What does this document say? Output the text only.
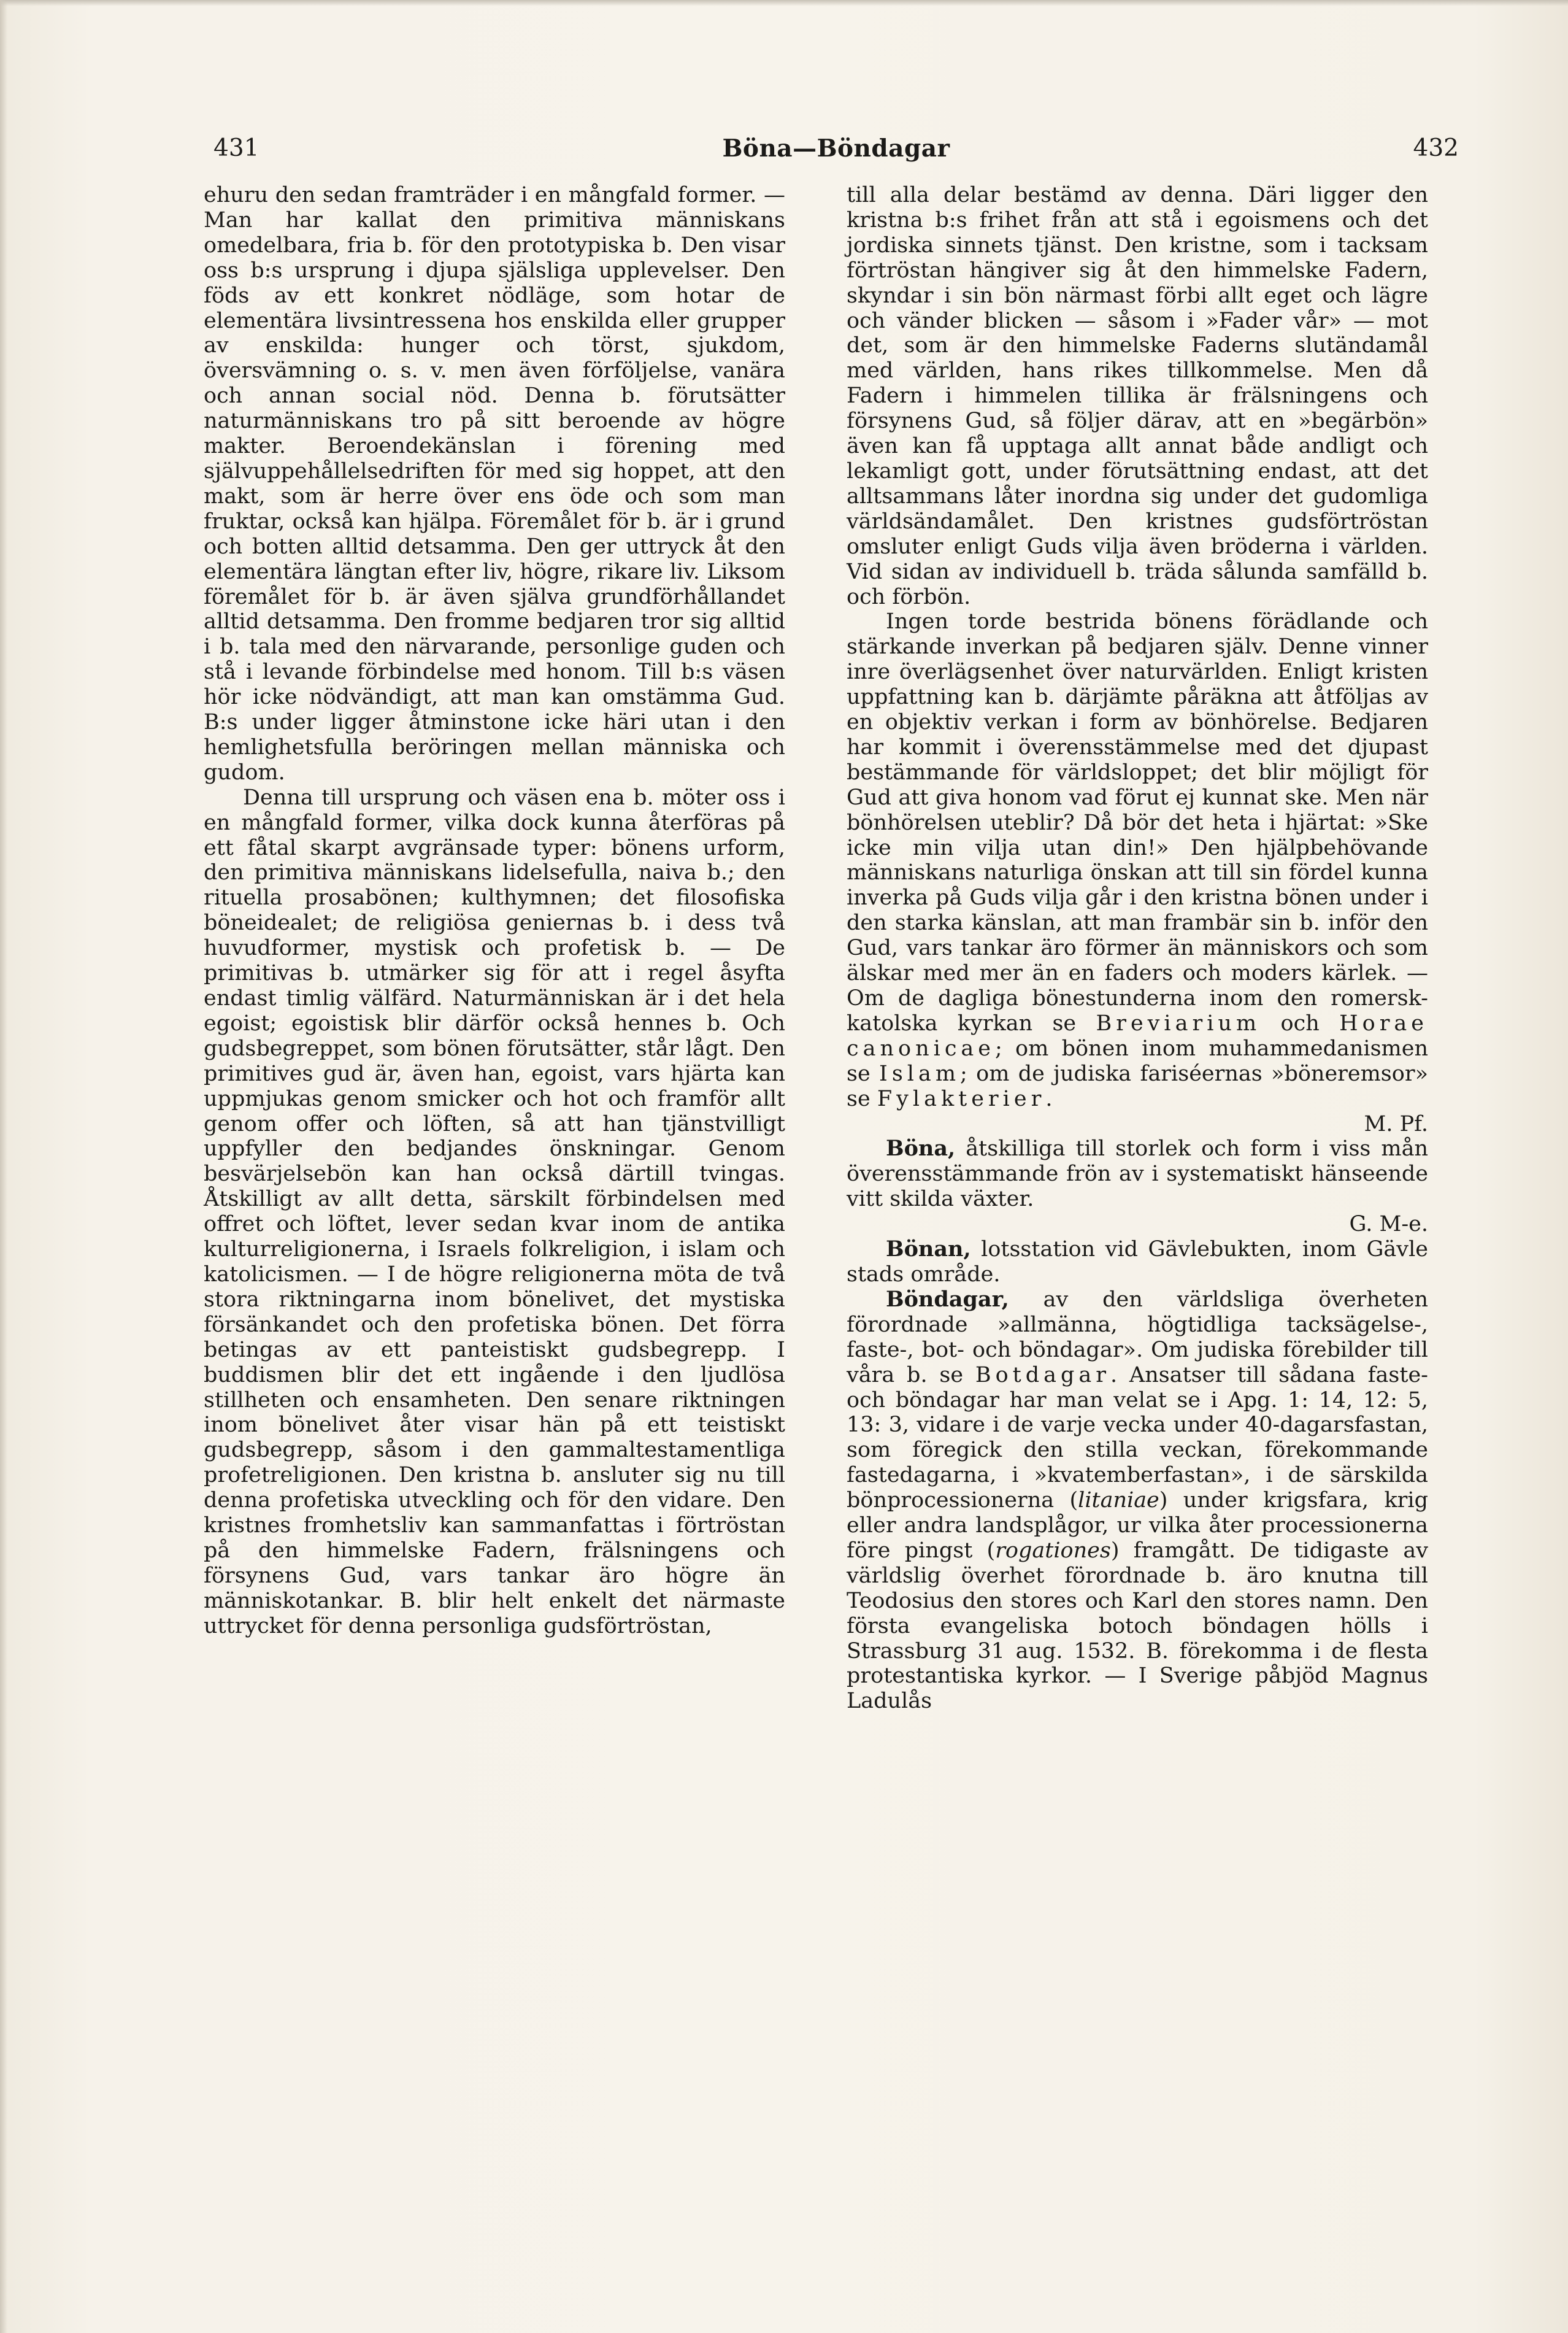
431	Böna—Böndagar	432

ehuru den sedan framträder i en mångfald former. — Man har kallat den primitiva människans omedelbara, fria b. för den prototypiska b. Den visar oss b:s ursprung i djupa själsliga upplevelser. Den föds av ett konkret nödläge, som hotar de elementära livsintressena hos enskilda eller grupper av enskilda: hunger och törst, sjukdom, översvämning o. s. v. men även förföljelse, vanära och annan social nöd. Denna b. förutsätter naturmänniskans tro på sitt beroende av högre makter. Beroendekänslan i förening med självuppehållelsedriften för med sig hoppet, att den makt, som är herre över ens öde och som man fruktar, också kan hjälpa. Föremålet för b. är i grund och botten alltid detsamma. Den ger uttryck åt den elementära längtan efter liv, högre, rikare liv. Liksom föremålet för b. är även själva grundförhållandet alltid detsamma. Den fromme bedjaren tror sig alltid i b. tala med den närvarande, personlige guden och stå i levande förbindelse med honom. Till b:s väsen hör icke nödvändigt, att man kan omstämma Gud. B:s under ligger åtminstone icke häri utan i den hemlighetsfulla beröringen mellan människa och gudom.

Denna till ursprung och väsen ena b. möter oss i en mångfald former, vilka dock kunna återföras på ett fåtal skarpt avgränsade typer: bönens urform, den primitiva människans lidelsefulla, naiva b.; den rituella prosabönen; kulthymnen; det filosofiska böneidealet; de religiösa geniernas b. i dess två huvudformer, mystisk och profetisk b. — De primitivas b. utmärker sig för att i regel åsyfta endast timlig välfärd. Naturmänniskan är i det hela egoist; egoistisk blir därför också hennes b. Och gudsbegreppet, som bönen förutsätter, står lågt. Den primitives gud är, även han, egoist, vars hjärta kan uppmjukas genom smicker och hot och framför allt genom offer och löften, så att han tjänstvilligt uppfyller den bedjandes önskningar. Genom besvärjelsebön kan han också därtill tvingas. Åtskilligt av allt detta, särskilt förbindelsen med offret och löftet, lever sedan kvar inom de antika kulturreligionerna, i Israels folkreligion, i islam och katolicismen. — I de högre religionerna möta de två stora riktningarna inom bönelivet, det mystiska försänkandet och den profetiska bönen. Det förra betingas av ett panteistiskt gudsbegrepp. I buddismen blir det ett ingående i den ljudlösa stillheten och ensamheten. Den senare riktningen inom bönelivet åter visar hän på ett teistiskt gudsbegrepp, såsom i den gammaltestamentliga profetreligionen. Den kristna b. ansluter sig nu till denna profetiska utveckling och för den vidare. Den kristnes fromhetsliv kan sammanfattas i förtröstan på den himmelske Fadern, frälsningens och försynens Gud, vars tankar äro högre än människotankar. B. blir helt enkelt det närmaste uttrycket för denna personliga gudsförtröstan,

till alla delar bestämd av denna. Däri ligger den kristna b:s frihet från att stå i egoismens och det jordiska sinnets tjänst. Den kristne, som i tacksam förtröstan hängiver sig åt den himmelske Fadern, skyndar i sin bön närmast förbi allt eget och lägre och vänder blicken — såsom i »Fader vår» — mot det, som är den himmelske Faderns slutändamål med världen, hans rikes tillkommelse. Men då Fadern i himmelen tillika är frälsningens och försynens Gud, så följer därav, att en »begärbön» även kan få upptaga allt annat både andligt och lekamligt gott, under förutsättning endast, att det alltsammans låter inordna sig under det gudomliga världsändamålet. Den kristnes gudsförtröstan omsluter enligt Guds vilja även bröderna i världen. Vid sidan av individuell b. träda sålunda samfälld b. och förbön.

Ingen torde bestrida bönens förädlande och stärkande inverkan på bedjaren själv. Denne vinner inre överlägsenhet över naturvärlden. Enligt kristen uppfattning kan b. därjämte påräkna att åtföljas av en objektiv verkan i form av bönhörelse. Bedjaren har kommit i överensstämmelse med det djupast bestämmande för världsloppet; det blir möjligt för Gud att giva honom vad förut ej kunnat ske. Men när bönhörelsen uteblir? Då bör det heta i hjärtat: »Ske icke min vilja utan din!» Den hjälpbehövande människans naturliga önskan att till sin fördel kunna inverka på Guds vilja går i den kristna bönen under i den starka känslan, att man frambär sin b. inför den Gud, vars tankar äro förmer än människors och som älskar med mer än en faders och moders kärlek. — Om de dagliga bönestunderna inom den romersk-katolska kyrkan se Breviarium och Horae canonicae; om bönen inom muhammedanismen se Islam; om de judiska fariséernas »böneremsor» se Fylakterier.
M. Pf.

Böna, åtskilliga till storlek och form i viss mån överensstämmande frön av i systematiskt hänseende vitt skilda växter.
G. M-e.

Bönan, lotsstation vid Gävlebukten, inom Gävle stads område.

Böndagar, av den världsliga överheten förordnade »allmänna, högtidliga tacksägelse-, faste-, bot- och böndagar». Om judiska förebilder till våra b. se Botdagar. Ansatser till sådana faste- och böndagar har man velat se i Apg. 1: 14, 12: 5, 13: 3, vidare i de varje vecka under 40-dagarsfastan, som föregick den stilla veckan, förekommande fastedagarna, i »kvatemberfastan», i de särskilda bönprocessionerna (litaniae) under krigsfara, krig eller andra landsplågor, ur vilka åter processionerna före pingst (rogationes) framgått. De tidigaste av världslig överhet förordnade b. äro knutna till Teodosius den stores och Karl den stores namn. Den första evangeliska botoch böndagen hölls i Strassburg 31 aug. 1532. B. förekomma i de flesta protestantiska kyrkor. — I Sverige påbjöd Magnus Ladulås
